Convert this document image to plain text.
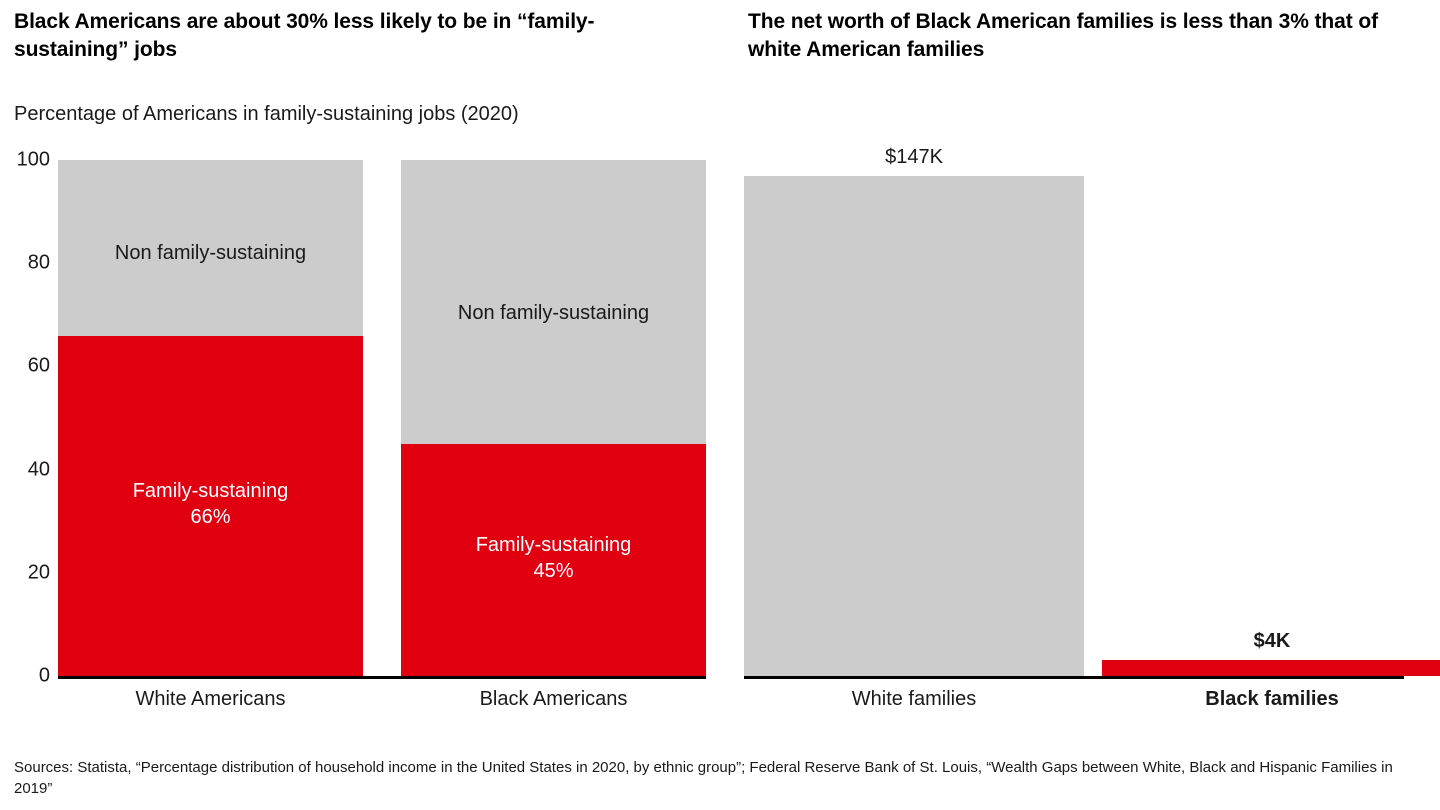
Black Americans are about 30% less likely to be in “family-sustaining” jobs
The net worth of Black American families is less than 3% that of white American families
Percentage of Americans in family-sustaining jobs (2020)
0
20
40
60
80
100
Non family-sustaining
Family-sustaining
66%
Non family-sustaining
Family-sustaining
45%
White Americans	Black Americans
$147K
$4K
White families	Black families
Sources: Statista, “Percentage distribution of household income in the United States in 2020, by ethnic group”; Federal Reserve Bank of St. Louis, “Wealth Gaps between White, Black and Hispanic Families in 2019”
